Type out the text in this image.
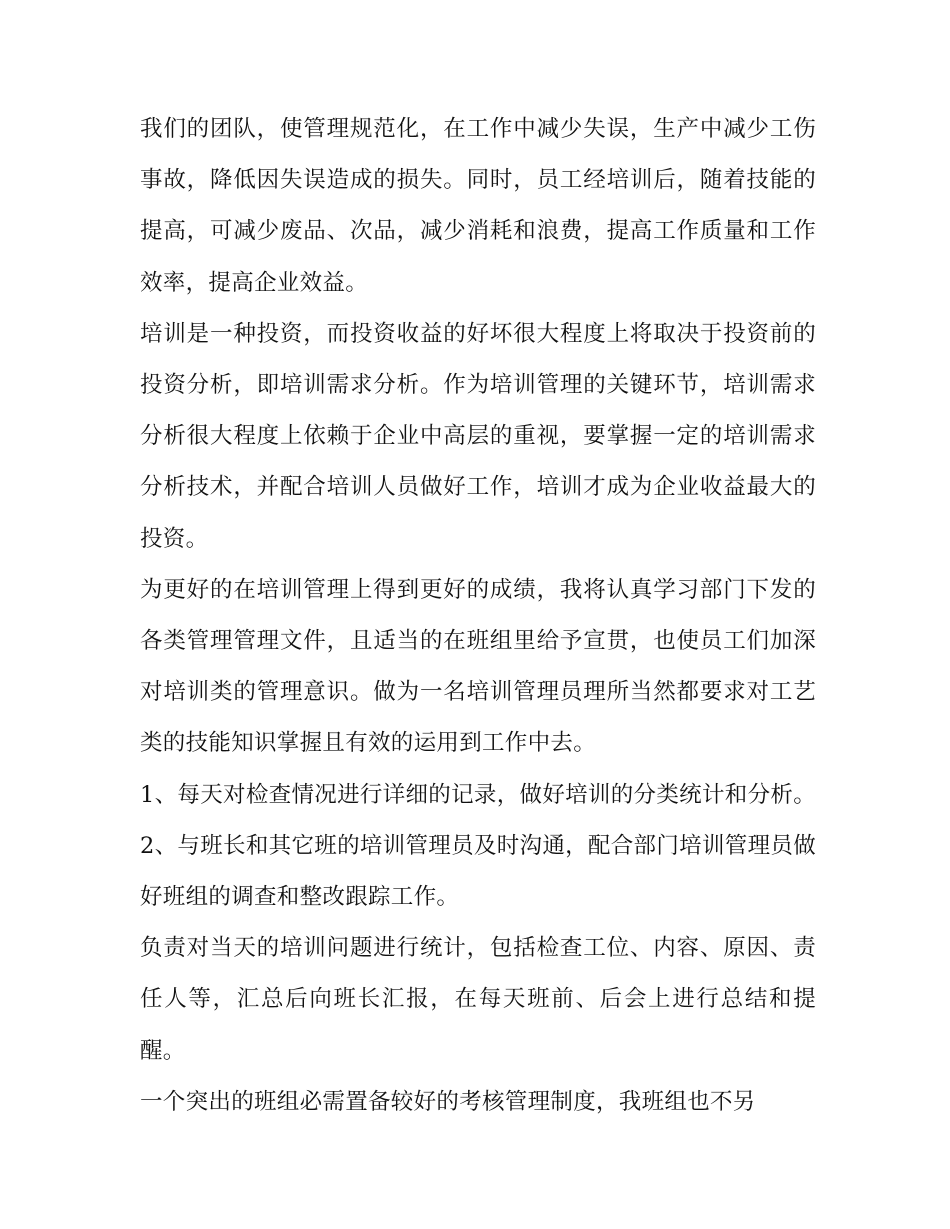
我们的团队，使管理规范化，在工作中减少失误，生产中减少工伤事故，降低因失误造成的损失。同时，员工经培训后，随着技能的提高，可减少废品、次品，减少消耗和浪费，提高工作质量和工作效率，提高企业效益。

培训是一种投资，而投资收益的好坏很大程度上将取决于投资前的投资分析，即培训需求分析。作为培训管理的关键环节，培训需求分析很大程度上依赖于企业中高层的重视，要掌握一定的培训需求分析技术，并配合培训人员做好工作，培训才成为企业收益最大的投资。

为更好的在培训管理上得到更好的成绩，我将认真学习部门下发的各类管理管理文件，且适当的在班组里给予宣贯，也使员工们加深对培训类的管理意识。做为一名培训管理员理所当然都要求对工艺类的技能知识掌握且有效的运用到工作中去。

1、每天对检查情况进行详细的记录，做好培训的分类统计和分析。 2、与班长和其它班的培训管理员及时沟通，配合部门培训管理员做好班组的调查和整改跟踪工作。

负责对当天的培训问题进行统计，包括检查工位、内容、原因、责任人等，汇总后向班长汇报，在每天班前、后会上进行总结和提醒。

一个突出的班组必需置备较好的考核管理制度，我班组也不另
